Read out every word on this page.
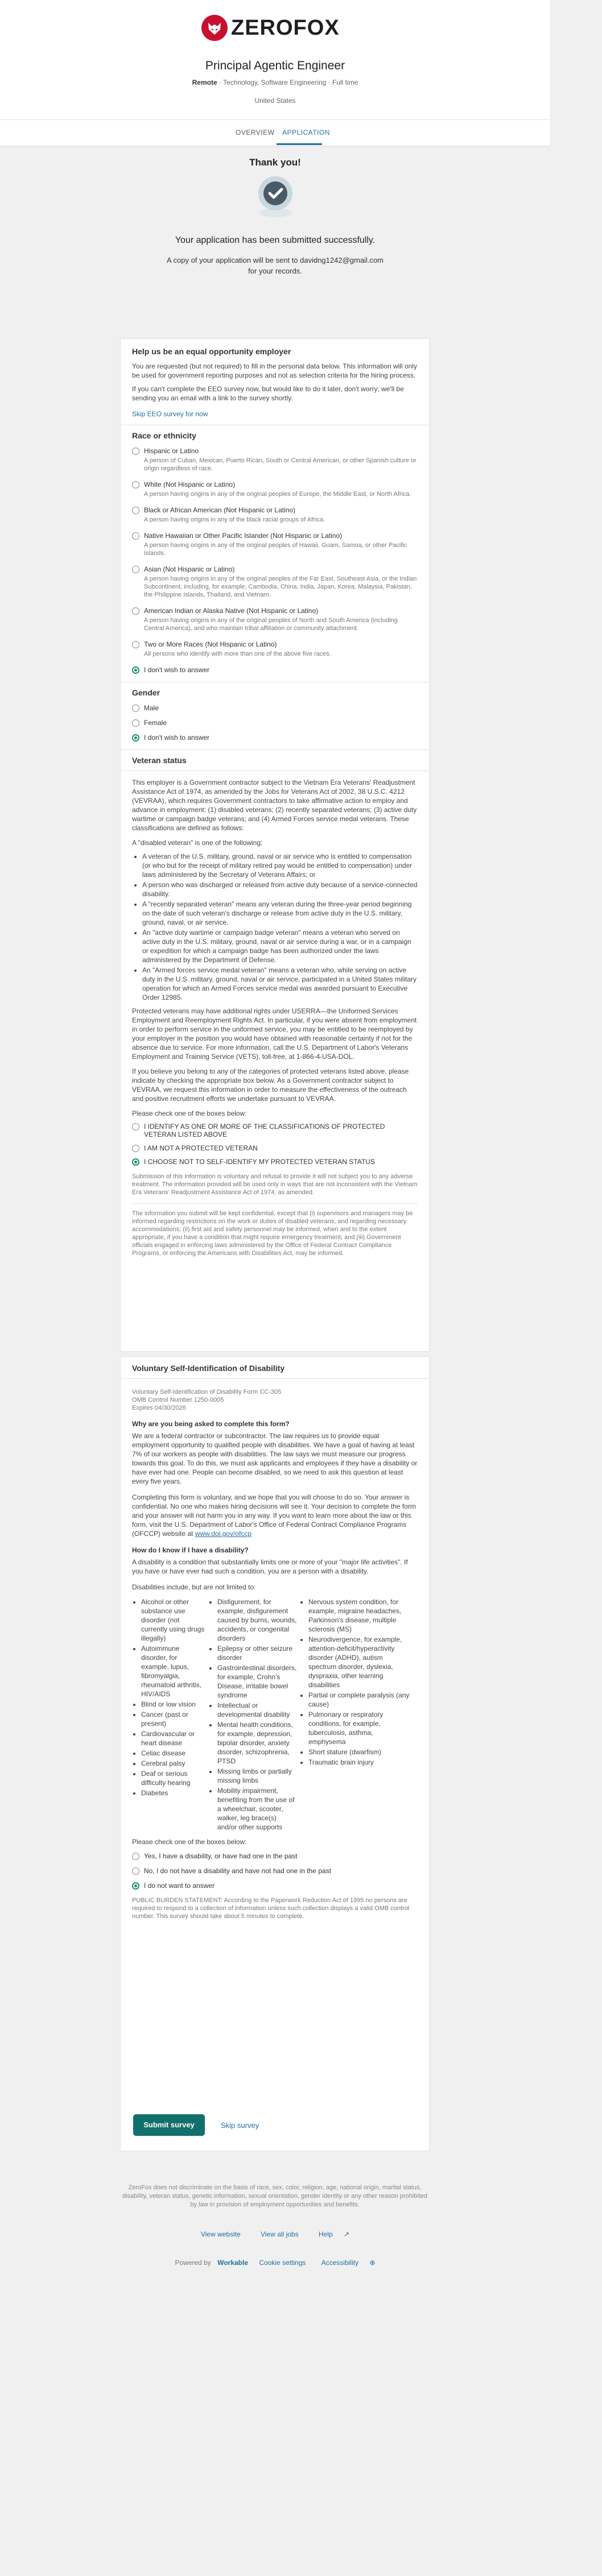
ZEROFOX
Principal Agentic Engineer
Remote · Technology, Software Engineering · Full time
United States
OVERVIEW APPLICATION
Thank you!
Your application has been submitted successfully.
A copy of your application will be sent to davidng1242@gmail.com
for your records.
Help us be an equal opportunity employer

You are requested (but not required) to fill in the personal data below. This information will only be used for government reporting purposes and not as selection criteria for the hiring process.

If you can't complete the EEO survey now, but would like to do it later, don't worry; we'll be sending you an email with a link to the survey shortly.

Skip EEO survey for now
Race or ethnicity
Hispanic or Latino
A person of Cuban, Mexican, Puerto Rican, South or Central American, or other Spanish culture or origin regardless of race.
White (Not Hispanic or Latino)
A person having origins in any of the original peoples of Europe, the Middle East, or North Africa.
Black or African American (Not Hispanic or Latino)
A person having origins in any of the black racial groups of Africa.
Native Hawaiian or Other Pacific Islander (Not Hispanic or Latino)
A person having origins in any of the original peoples of Hawaii, Guam, Samoa, or other Pacific Islands.
Asian (Not Hispanic or Latino)
A person having origins in any of the original peoples of the Far East, Southeast Asia, or the Indian Subcontinent, including, for example, Cambodia, China, India, Japan, Korea, Malaysia, Pakistan, the Philippine Islands, Thailand, and Vietnam.
American Indian or Alaska Native (Not Hispanic or Latino)
A person having origins in any of the original peoples of North and South America (including Central America), and who maintain tribal affiliation or community attachment.
Two or More Races (Not Hispanic or Latino)
All persons who identify with more than one of the above five races.
I don't wish to answer
Gender
Male
Female
I don't wish to answer
Veteran status

This employer is a Government contractor subject to the Vietnam Era Veterans' Readjustment Assistance Act of 1974, as amended by the Jobs for Veterans Act of 2002, 38 U.S.C. 4212 (VEVRAA), which requires Government contractors to take affirmative action to employ and advance in employment: (1) disabled veterans; (2) recently separated veterans; (3) active duty wartime or campaign badge veterans; and (4) Armed Forces service medal veterans. These classifications are defined as follows:

A "disabled veteran" is one of the following:

• A veteran of the U.S. military, ground, naval or air service who is entitled to compensation (or who but for the receipt of military retired pay would be entitled to compensation) under laws administered by the Secretary of Veterans Affairs; or
• A person who was discharged or released from active duty because of a service-connected disability.
• A "recently separated veteran" means any veteran during the three-year period beginning on the date of such veteran's discharge or release from active duty in the U.S. military, ground, naval, or air service.
• An "active duty wartime or campaign badge veteran" means a veteran who served on active duty in the U.S. military, ground, naval or air service during a war, or in a campaign or expedition for which a campaign badge has been authorized under the laws administered by the Department of Defense.
• An "Armed forces service medal veteran" means a veteran who, while serving on active duty in the U.S. military, ground, naval or air service, participated in a United States military operation for which an Armed Forces service medal was awarded pursuant to Executive Order 12985.

Protected veterans may have additional rights under USERRA—the Uniformed Services Employment and Reemployment Rights Act. In particular, if you were absent from employment in order to perform service in the uniformed service, you may be entitled to be reemployed by your employer in the position you would have obtained with reasonable certainty if not for the absence due to service. For more information, call the U.S. Department of Labor's Veterans Employment and Training Service (VETS), toll-free, at 1-866-4-USA-DOL.

If you believe you belong to any of the categories of protected veterans listed above, please indicate by checking the appropriate box below. As a Government contractor subject to VEVRAA, we request this information in order to measure the effectiveness of the outreach and positive recruitment efforts we undertake pursuant to VEVRAA.

Please check one of the boxes below:

I IDENTIFY AS ONE OR MORE OF THE CLASSIFICATIONS OF PROTECTED VETERAN LISTED ABOVE
I AM NOT A PROTECTED VETERAN
I CHOOSE NOT TO SELF-IDENTIFY MY PROTECTED VETERAN STATUS

Submission of this information is voluntary and refusal to provide it will not subject you to any adverse treatment. The information provided will be used only in ways that are not inconsistent with the Vietnam Era Veterans' Readjustment Assistance Act of 1974, as amended.

The information you submit will be kept confidential, except that (i) supervisors and managers may be informed regarding restrictions on the work or duties of disabled veterans, and regarding necessary accommodations; (ii) first aid and safety personnel may be informed, when and to the extent appropriate, if you have a condition that might require emergency treatment; and (iii) Government officials engaged in enforcing laws administered by the Office of Federal Contract Compliance Programs, or enforcing the Americans with Disabilities Act, may be informed.

Voluntary Self-Identification of Disability
Voluntary Self-Identification of Disability Form CC-305
OMB Control Number 1250-0005
Expires 04/30/2026
Why are you being asked to complete this form?

We are a federal contractor or subcontractor. The law requires us to provide equal employment opportunity to qualified people with disabilities. We have a goal of having at least 7% of our workers as people with disabilities. The law says we must measure our progress towards this goal. To do this, we must ask applicants and employees if they have a disability or have ever had one. People can become disabled, so we need to ask this question at least every five years.

Completing this form is voluntary, and we hope that you will choose to do so. Your answer is confidential. No one who makes hiring decisions will see it. Your decision to complete the form and your answer will not harm you in any way. If you want to learn more about the law or this form, visit the U.S. Department of Labor's Office of Federal Contract Compliance Programs (OFCCP) website at www.dol.gov/ofccp

How do I know if I have a disability?

A disability is a condition that substantially limits one or more of your "major life activities". If you have or have ever had such a condition, you are a person with a disability.

Disabilities include, but are not limited to:

• Alcohol or other substance use disorder (not currently using drugs illegally)
• Autoimmune disorder, for example, lupus, fibromyalgia, rheumatoid arthritis, HIV/AIDS
• Blind or low vision
• Cancer (past or present)
• Cardiovascular or heart disease
• Celiac disease
• Cerebral palsy
• Deaf or serious difficulty hearing
• Diabetes
• Disfigurement, for example, disfigurement caused by burns, wounds, accidents, or congenital disorders
• Epilepsy or other seizure disorder
• Gastrointestinal disorders, for example, Crohn's Disease, irritable bowel syndrome
• Intellectual or developmental disability
• Mental health conditions, for example, depression, bipolar disorder, anxiety disorder, schizophrenia, PTSD
• Missing limbs or partially missing limbs
• Mobility impairment, benefiting from the use of a wheelchair, scooter, walker, leg brace(s) and/or other supports
• Nervous system condition, for example, migraine headaches, Parkinson's disease, multiple sclerosis (MS)
• Neurodivergence, for example, attention-deficit/hyperactivity disorder (ADHD), autism spectrum disorder, dyslexia, dyspraxia, other learning disabilities
• Partial or complete paralysis (any cause)
• Pulmonary or respiratory conditions, for example, tuberculosis, asthma, emphysema
• Short stature (dwarfism)
• Traumatic brain injury

Please check one of the boxes below:

Yes, I have a disability, or have had one in the past
No, I do not have a disability and have not had one in the past
I do not want to answer

PUBLIC BURDEN STATEMENT: According to the Paperwork Reduction Act of 1995 no persons are required to respond to a collection of information unless such collection displays a valid OMB control number. This survey should take about 5 minutes to complete.

Submit survey	Skip survey
ZeroFox does not discriminate on the basis of race, sex, color, religion, age, national origin, marital status, disability, veteran status, genetic information, sexual orientation, gender identity or any other reason prohibited by law in provision of employment opportunities and benefits.
View website	View all jobs	Help ↗
Powered by Workable Cookie settings Accessibility ⊕
